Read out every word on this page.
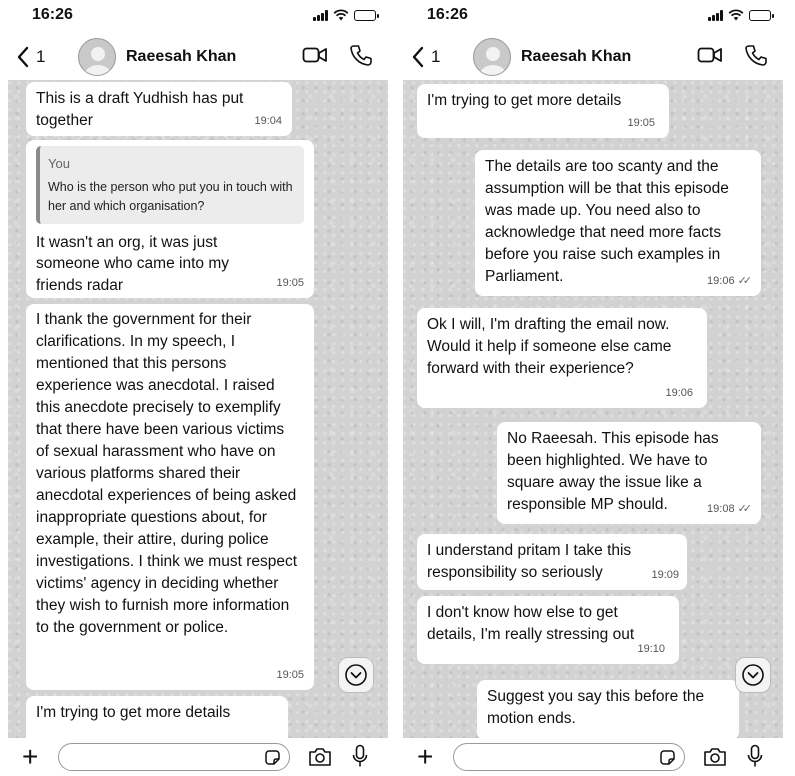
16:26
1	Raeesah Khan
This is a draft Yudhish has put together	19:04
You
Who is the person who put you in touch with her and which organisation?
It wasn't an org, it was just someone who came into my friends radar	19:05
I thank the government for their clarifications. In my speech, I mentioned that this persons experience was anecdotal. I raised this anecdote precisely to exemplify that there have been various victims of sexual harassment who have on various platforms shared their anecdotal experiences of being asked inappropriate questions about, for example, their attire, during police investigations. I think we must respect victims' agency in deciding whether they wish to furnish more information to the government or police.
19:05
I'm trying to get more details
+
16:26
1	Raeesah Khan
I'm trying to get more details
19:05
The details are too scanty and the assumption will be that this episode was made up. You need also to acknowledge that need more facts before you raise such examples in Parliament.	19:06 ✓✓
Ok I will, I'm drafting the email now. Would it help if someone else came forward with their experience?
19:06
No Raeesah. This episode has been highlighted. We have to square away the issue like a responsible MP should.	19:08 ✓✓
I understand pritam I take this responsibility so seriously	19:09
I don't know how else to get details, I'm really stressing out
19:10
Suggest you say this before the motion ends.
+
